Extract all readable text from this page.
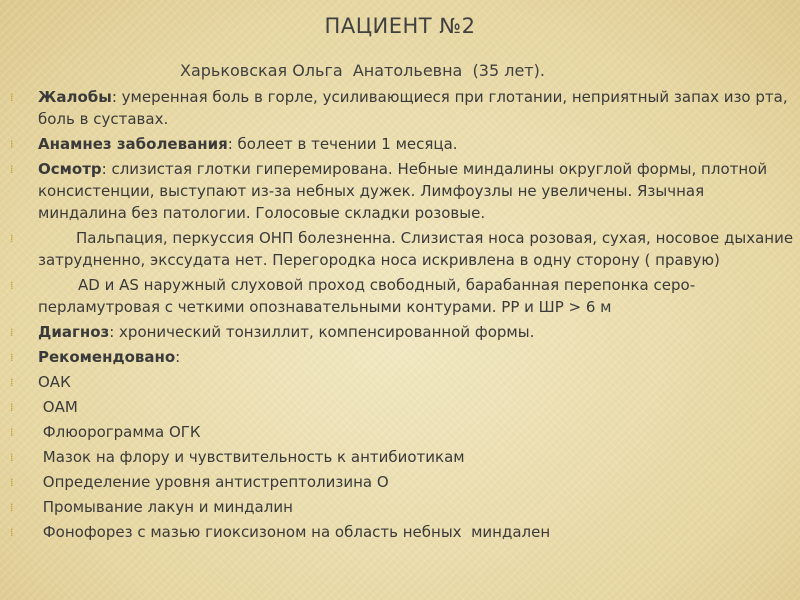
ПАЦИЕНТ №2
Харьковская Ольга  Анатольевна  (35 лет).
⁞ Жалобы: умеренная боль в горле, усиливающиеся при глотании, неприятный запах изо рта, боль в суставах.
⁞ Анамнез заболевания: болеет в течении 1 месяца.
⁞ Осмотр: слизистая глотки гиперемирована. Небные миндалины округлой формы, плотной консистенции, выступают из-за небных дужек. Лимфоузлы не увеличены. Язычная миндалина без патологии. Голосовые складки розовые.
⁞	Пальпация, перкуссия ОНП болезненна. Слизистая носа розовая, сухая, носовое дыхание затрудненно, экссудата нет. Перегородка носа искривлена в одну сторону ( правую)
⁞	AD и AS наружный слуховой проход свободный, барабанная перепонка серо-перламутровая с четкими опознавательными контурами. РР и ШР > 6 м
⁞ Диагноз: хронический тонзиллит, компенсированной формы.
⁞ Рекомендовано:
⁞ ОАК
⁞ ОАМ
⁞ Флюорограмма ОГК
⁞ Мазок на флору и чувствительность к антибиотикам
⁞ Определение уровня антистрептолизина О
⁞ Промывание лакун и миндалин
⁞ Фонофорез с мазью гиоксизоном на область небных  миндален
